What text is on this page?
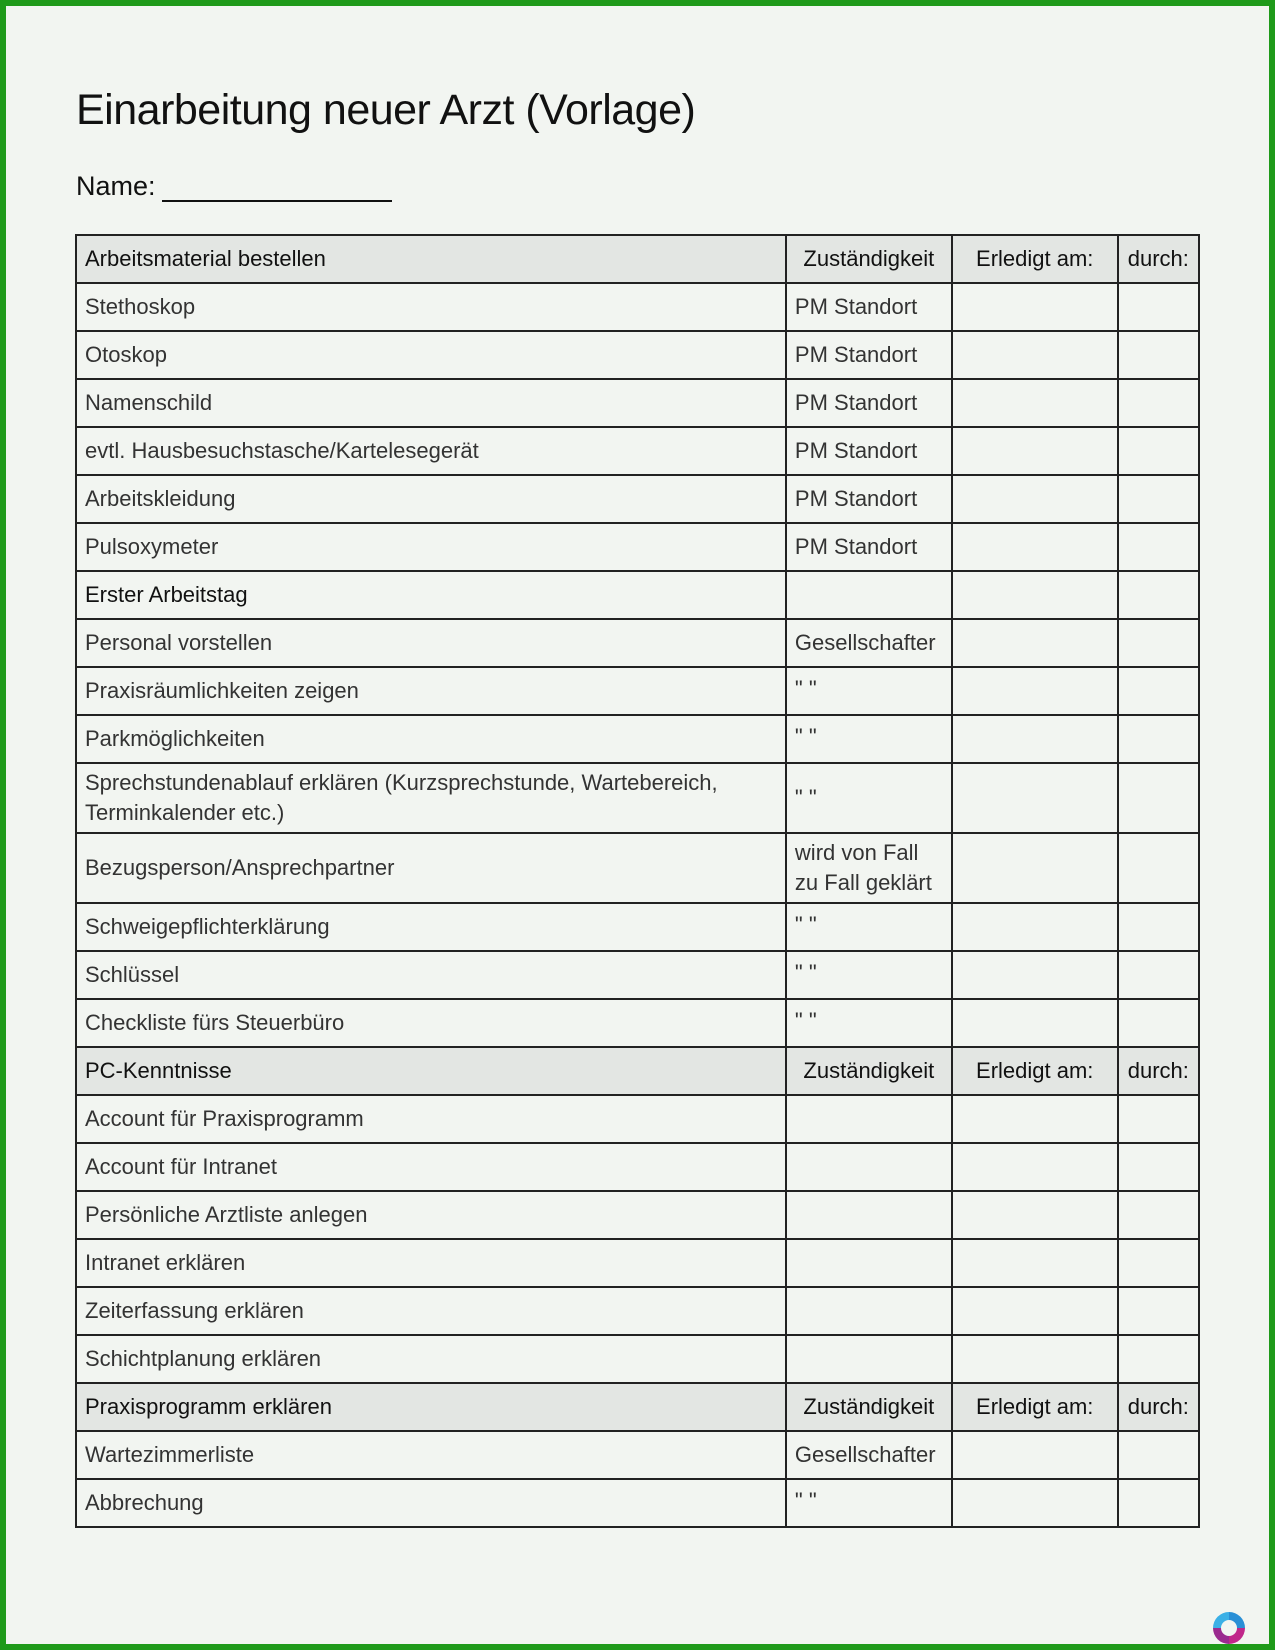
Einarbeitung neuer Arzt (Vorlage)
Name:
Arbeitsmaterial bestellen	Zuständigkeit	Erledigt am:	durch:
Stethoskop	PM Standort		
Otoskop	PM Standort		
Namenschild	PM Standort		
evtl. Hausbesuchstasche/Kartelesegerät	PM Standort		
Arbeitskleidung	PM Standort		
Pulsoxymeter	PM Standort		
Erster Arbeitstag			
Personal vorstellen	Gesellschafter		
Praxisräumlichkeiten zeigen	" "		
Parkmöglichkeiten	" "		
Sprechstundenablauf erklären (Kurzsprechstunde, Wartebereich, Terminkalender etc.)	" "		
Bezugsperson/Ansprechpartner	wird von Fall zu Fall geklärt		
Schweigepflichterklärung	" "		
Schlüssel	" "		
Checkliste fürs Steuerbüro	" "		
PC-Kenntnisse	Zuständigkeit	Erledigt am:	durch:
Account für Praxisprogramm			
Account für Intranet			
Persönliche Arztliste anlegen			
Intranet erklären			
Zeiterfassung erklären			
Schichtplanung erklären			
Praxisprogramm erklären	Zuständigkeit	Erledigt am:	durch:
Wartezimmerliste	Gesellschafter		
Abbrechung	" "		
